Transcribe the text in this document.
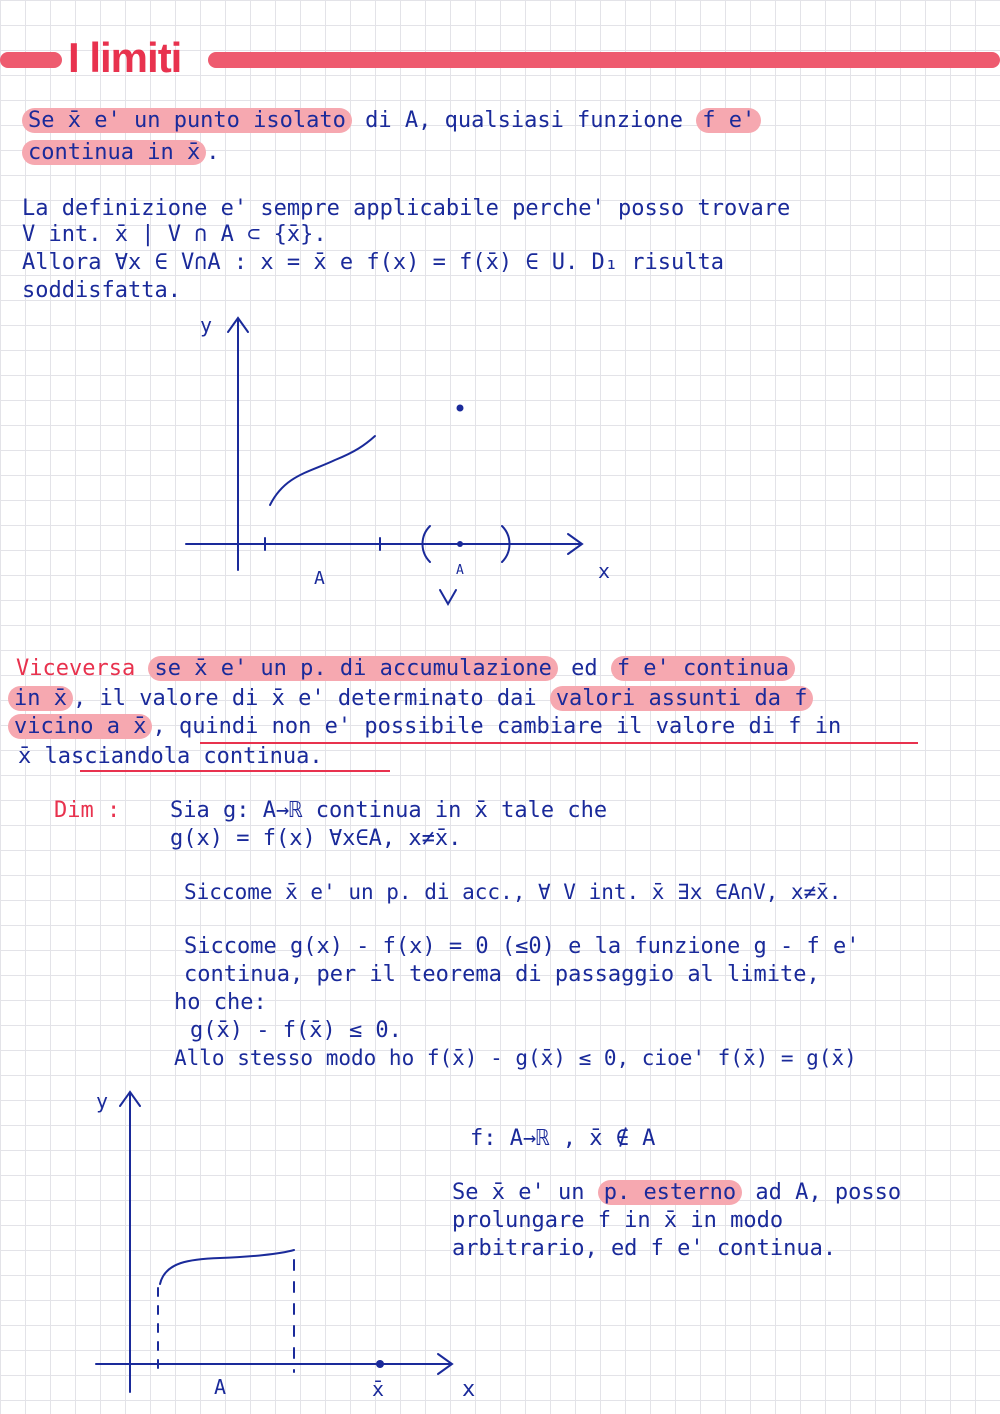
I limiti
Se x̄ e' un punto isolato di A, qualsiasi funzione f e'
continua in x̄ .
La definizione e' sempre applicabile perche' posso trovare
V int. x̄ | V ∩ A ⊂ {x̄}.
Allora ∀x ∈ V∩A : x = x̄ e f(x) = f(x̄) ∈ U. D₁ risulta
soddisfatta.
y
x
A	A
Viceversa se x̄ e' un p. di accumulazione ed f e' continua
in x̄ , il valore di x̄ e' determinato dai valori assunti da f
vicino a x̄ , quindi non e' possibile cambiare il valore di f in
x̄ lasciandola continua.
Dim : Sia g: A→ℝ continua in x̄ tale che
g(x) = f(x) ∀x∈A, x≠x̄.
Siccome x̄ e' un p. di acc., ∀ V int. x̄ ∃x ∈A∩V, x≠x̄.
Siccome g(x) - f(x) = 0 (≤0) e la funzione g - f e'
continua, per il teorema di passaggio al limite,
ho che:
g(x̄) - f(x̄) ≤ 0.
Allo stesso modo ho f(x̄) - g(x̄) ≤ 0, cioe' f(x̄) = g(x̄)
y
x
A	x̄
f: A→ℝ , x̄ ∉ A
Se x̄ e' un p. esterno ad A, posso
prolungare f in x̄ in modo
arbitrario, ed f e' continua.
